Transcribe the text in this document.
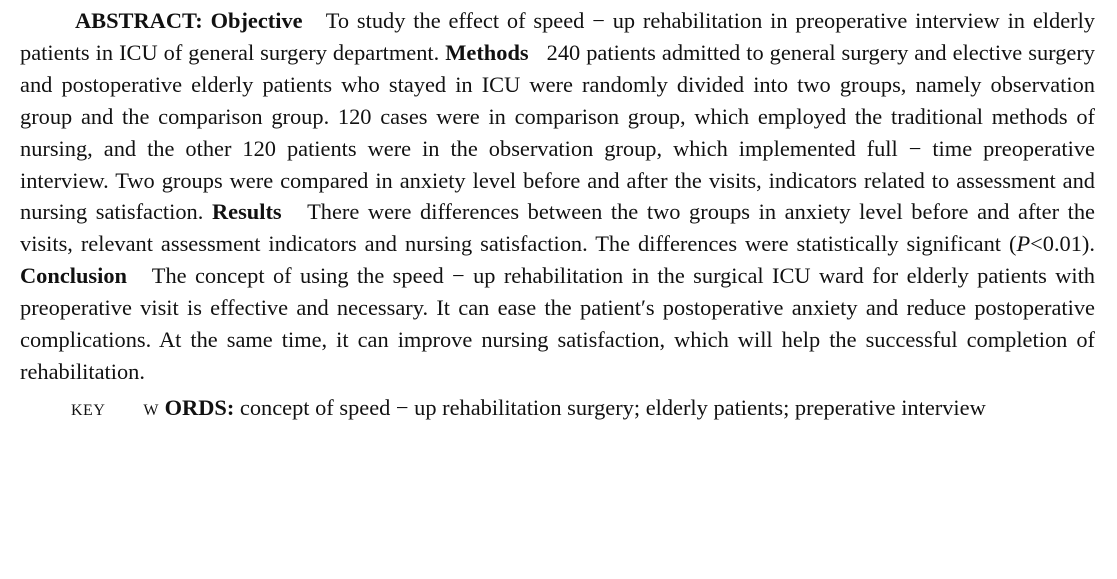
ABSTRACT: Objective To study the effect of speed − up rehabilitation in preoperative interview in elderly patients in ICU of general surgery department. Methods 240 patients admitted to general surgery and elective surgery and postoperative elderly patients who stayed in ICU were randomly divided into two groups, namely observation group and the comparison group. 120 cases were in comparison group, which employed the traditional methods of nursing, and the other 120 patients were in the observation group, which implemented full − time preoperative interview. Two groups were compared in anxiety level before and after the visits, indicators related to assessment and nursing satisfaction. Results There were differences between the two groups in anxiety level before and after the visits, relevant assessment indicators and nursing satisfaction. The differences were statistically significant (P<0.01). Conclusion The concept of using the speed − up rehabilitation in the surgical ICU ward for elderly patients with preoperative visit is effective and necessary. It can ease the patient′s postoperative anxiety and reduce postoperative complications. At the same time, it can improve nursing satisfaction, which will help the successful completion of rehabilitation.

KEY W ORDS: concept of speed − up rehabilitation surgery; elderly patients; preperative interview
